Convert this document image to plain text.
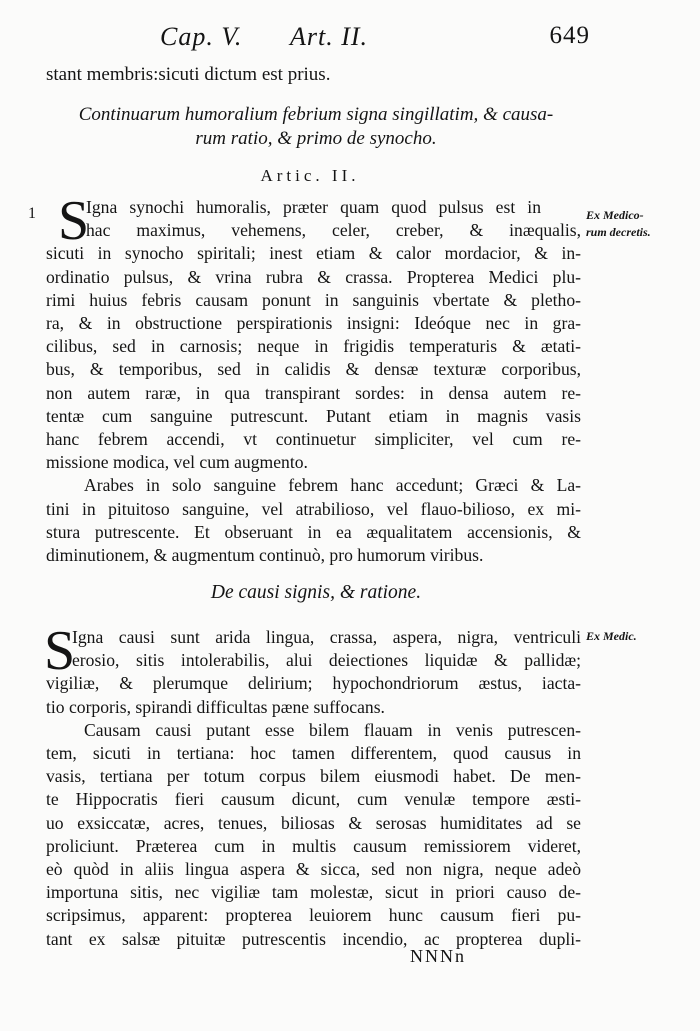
Cap. V. Art. II.	649
stant membris:sicuti dictum est prius.
Continuarum humoralium febrium signa singillatim, & causa-
rum ratio, & primo de synocho.
Artic. II.
1 S
Igna synochi humoralis, præter quam quod pulsus est in
hac maximus, vehemens, celer, creber, & inæqualis,
sicuti in synocho spiritali; inest etiam & calor mordacior, & in-
ordinatio pulsus, & vrina rubra & crassa. Propterea Medici plu-
rimi huius febris causam ponunt in sanguinis vbertate & pletho-
ra, & in obstructione perspirationis insigni: Ideóque nec in gra-
cilibus, sed in carnosis; neque in frigidis temperaturis & ætati-
bus, & temporibus, sed in calidis & densæ texturæ corporibus,
non autem raræ, in qua transpirant sordes: in densa autem re-
tentæ cum sanguine putrescunt. Putant etiam in magnis vasis
hanc febrem accendi, vt continuetur simpliciter, vel cum re-
missione modica, vel cum augmento.
Arabes in solo sanguine febrem hanc accedunt; Græci & La-
tini in pituitoso sanguine, vel atrabilioso, vel flauo-bilioso, ex mi-
stura putrescente. Et obseruant in ea æqualitatem accensionis, &
diminutionem, & augmentum continuò, pro humorum viribus.
Ex Medico-
rum decretis.
De causi signis, & ratione.
S	Ex Medic.
Igna causi sunt arida lingua, crassa, aspera, nigra, ventriculi
erosio, sitis intolerabilis, alui deiectiones liquidæ & pallidæ;
vigiliæ, & plerumque delirium; hypochondriorum æstus, iacta-
tio corporis, spirandi difficultas pæne suffocans.
Causam causi putant esse bilem flauam in venis putrescen-
tem, sicuti in tertiana: hoc tamen differentem, quod causus in
vasis, tertiana per totum corpus bilem eiusmodi habet. De men-
te Hippocratis fieri causum dicunt, cum venulæ tempore æsti-
uo exsiccatæ, acres, tenues, biliosas & serosas humiditates ad se
proliciunt. Præterea cum in multis causum remissiorem videret,
eò quòd in aliis lingua aspera & sicca, sed non nigra, neque adeò
importuna sitis, nec vigiliæ tam molestæ, sicut in priori causo de-
scripsimus, apparent: propterea leuiorem hunc causum fieri pu-
tant ex salsæ pituitæ putrescentis incendio, ac propterea dupli-
NNNn
